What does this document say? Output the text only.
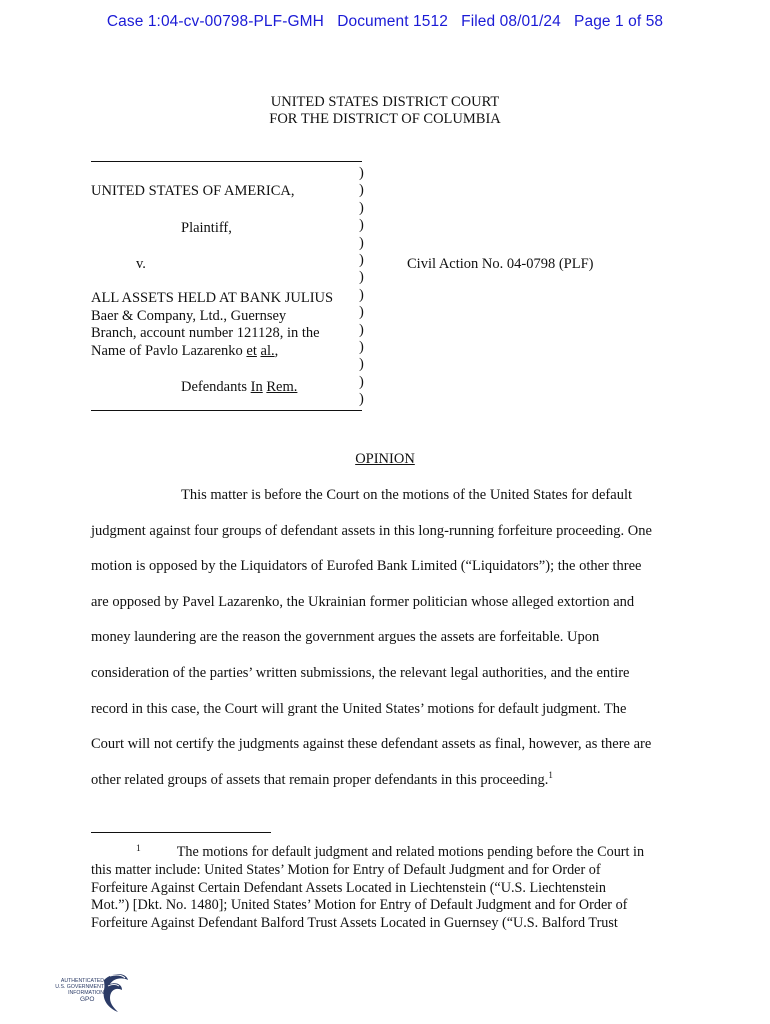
Case 1:04-cv-00798-PLF-GMH Document 1512 Filed 08/01/24 Page 1 of 58
UNITED STATES DISTRICT COURT
FOR THE DISTRICT OF COLUMBIA
UNITED STATES OF AMERICA,
Plaintiff,
v.
ALL ASSETS HELD AT BANK JULIUS
Baer & Company, Ltd., Guernsey
Branch, account number 121128, in the
Name of Pavlo Lazarenko et al.,
Defendants In Rem.
)
)
)
)
)
)
)
)
)
)
)
)
)
)
Civil Action No. 04-0798 (PLF)
OPINION
This matter is before the Court on the motions of the United States for default
judgment against four groups of defendant assets in this long-running forfeiture proceeding. One
motion is opposed by the Liquidators of Eurofed Bank Limited (“Liquidators”); the other three
are opposed by Pavel Lazarenko, the Ukrainian former politician whose alleged extortion and
money laundering are the reason the government argues the assets are forfeitable. Upon
consideration of the parties’ written submissions, the relevant legal authorities, and the entire
record in this case, the Court will grant the United States’ motions for default judgment. The
Court will not certify the judgments against these defendant assets as final, however, as there are
other related groups of assets that remain proper defendants in this proceeding.$^1$
$^1$	The motions for default judgment and related motions pending before the Court in
this matter include: United States’ Motion for Entry of Default Judgment and for Order of
Forfeiture Against Certain Defendant Assets Located in Liechtenstein (“U.S. Liechtenstein
Mot.”) [Dkt. No. 1480]; United States’ Motion for Entry of Default Judgment and for Order of
Forfeiture Against Defendant Balford Trust Assets Located in Guernsey (“U.S. Balford Trust
AUTHENTICATED
U.S. GOVERNMENT
INFORMATION
GPO
